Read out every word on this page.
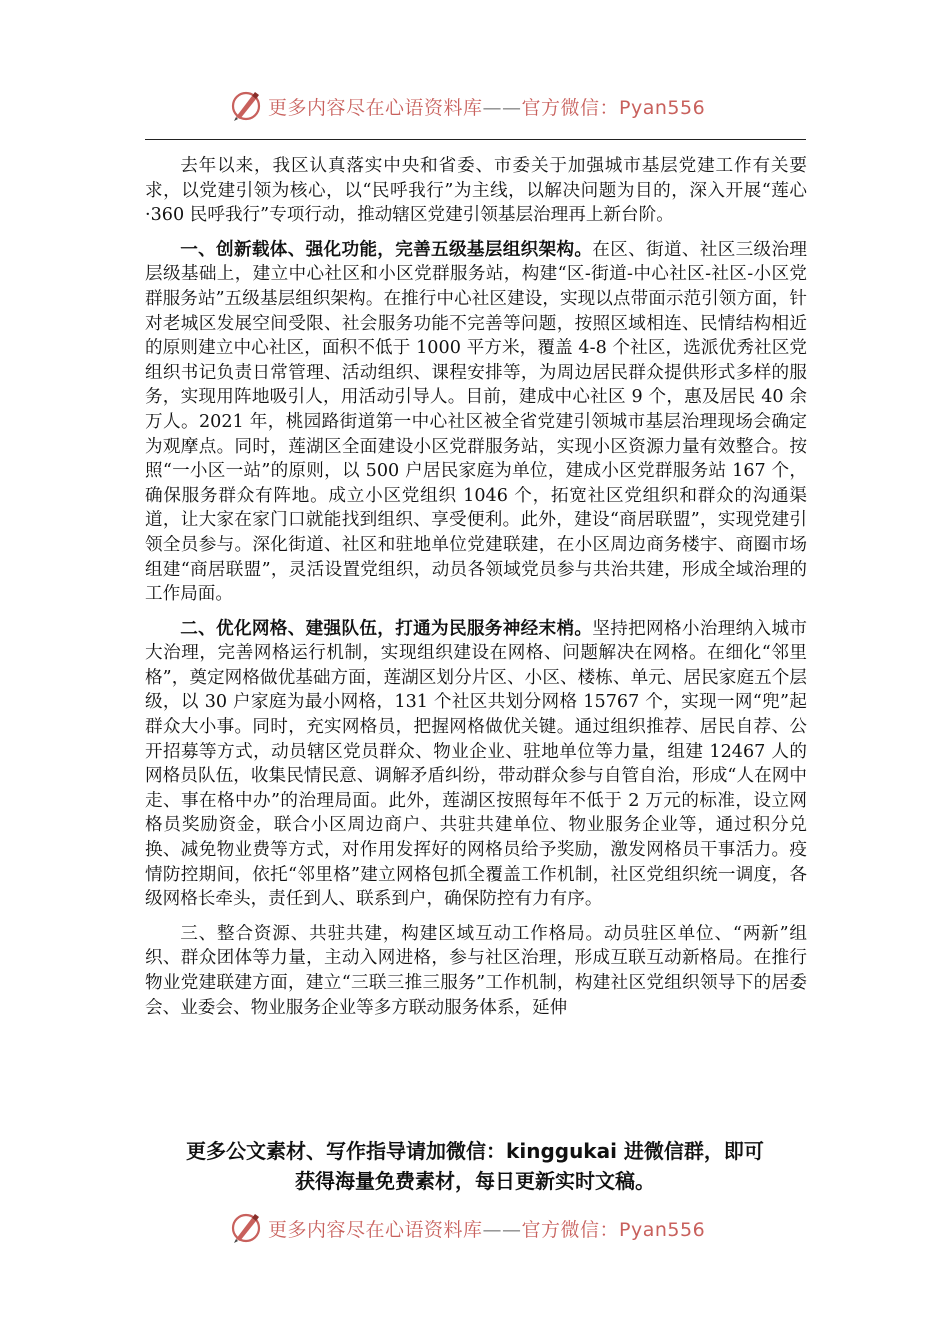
更多内容尽在心语资料库——官方微信：Pyan556

去年以来，我区认真落实中央和省委、市委关于加强城市基层党建工作有关要求，以党建引领为核心，以“民呼我行”为主线，以解决问题为目的，深入开展“莲心·360 民呼我行”专项行动，推动辖区党建引领基层治理再上新台阶。

一、创新载体、强化功能，完善五级基层组织架构。在区、街道、社区三级治理层级基础上，建立中心社区和小区党群服务站，构建“区-街道-中心社区-社区-小区党群服务站”五级基层组织架构。在推行中心社区建设，实现以点带面示范引领方面，针对老城区发展空间受限、社会服务功能不完善等问题，按照区域相连、民情结构相近的原则建立中心社区，面积不低于 1000 平方米，覆盖 4-8 个社区，选派优秀社区党组织书记负责日常管理、活动组织、课程安排等，为周边居民群众提供形式多样的服务，实现用阵地吸引人，用活动引导人。目前，建成中心社区 9 个，惠及居民 40 余万人。2021 年，桃园路街道第一中心社区被全省党建引领城市基层治理现场会确定为观摩点。同时，莲湖区全面建设小区党群服务站，实现小区资源力量有效整合。按照“一小区一站”的原则，以 500 户居民家庭为单位，建成小区党群服务站 167 个，确保服务群众有阵地。成立小区党组织 1046 个，拓宽社区党组织和群众的沟通渠道，让大家在家门口就能找到组织、享受便利。此外，建设“商居联盟”，实现党建引领全员参与。深化街道、社区和驻地单位党建联建，在小区周边商务楼宇、商圈市场组建“商居联盟”，灵活设置党组织，动员各领域党员参与共治共建，形成全域治理的工作局面。

二、优化网格、建强队伍，打通为民服务神经末梢。坚持把网格小治理纳入城市大治理，完善网格运行机制，实现组织建设在网格、问题解决在网格。在细化“邻里格”，奠定网格做优基础方面，莲湖区划分片区、小区、楼栋、单元、居民家庭五个层级，以 30 户家庭为最小网格，131 个社区共划分网格 15767 个，实现一网“兜”起群众大小事。同时，充实网格员，把握网格做优关键。通过组织推荐、居民自荐、公开招募等方式，动员辖区党员群众、物业企业、驻地单位等力量，组建 12467 人的网格员队伍，收集民情民意、调解矛盾纠纷，带动群众参与自管自治，形成“人在网中走、事在格中办”的治理局面。此外，莲湖区按照每年不低于 2 万元的标准，设立网格员奖励资金，联合小区周边商户、共驻共建单位、物业服务企业等，通过积分兑换、减免物业费等方式，对作用发挥好的网格员给予奖励，激发网格员干事活力。疫情防控期间，依托“邻里格”建立网格包抓全覆盖工作机制，社区党组织统一调度，各级网格长牵头，责任到人、联系到户，确保防控有力有序。

三、整合资源、共驻共建，构建区域互动工作格局。动员驻区单位、“两新”组织、群众团体等力量，主动入网进格，参与社区治理，形成互联互动新格局。在推行物业党建联建方面，建立“三联三推三服务”工作机制，构建社区党组织领导下的居委会、业委会、物业服务企业等多方联动服务体系，延伸

更多公文素材、写作指导请加微信：kinggukai 进微信群，即可
获得海量免费素材，每日更新实时文稿。
更多内容尽在心语资料库——官方微信：Pyan556
